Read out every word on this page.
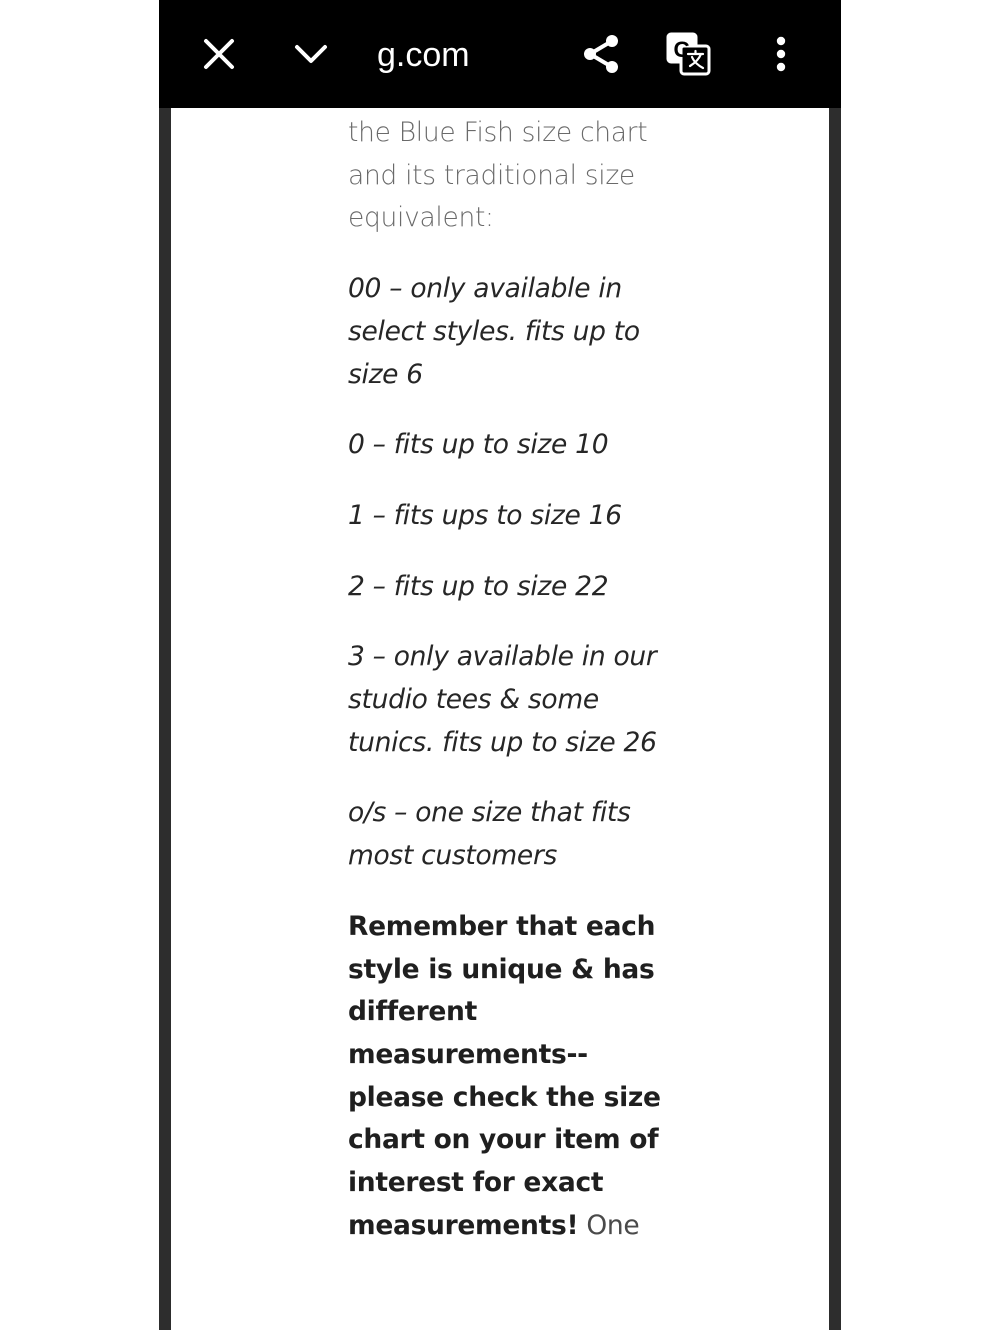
ɡ.com	G

the Blue Fish size chart and its traditional size equivalent:

00 – only available in select styles. fits up to size 6

0 – fits up to size 10

1 – fits ups to size 16

2 – fits up to size 22

3 – only available in our studio tees & some tunics. fits up to size 26

o/s – one size that fits most customers

Remember that each style is unique & has different measurements--please check the size chart on your item of interest for exact measurements! One
